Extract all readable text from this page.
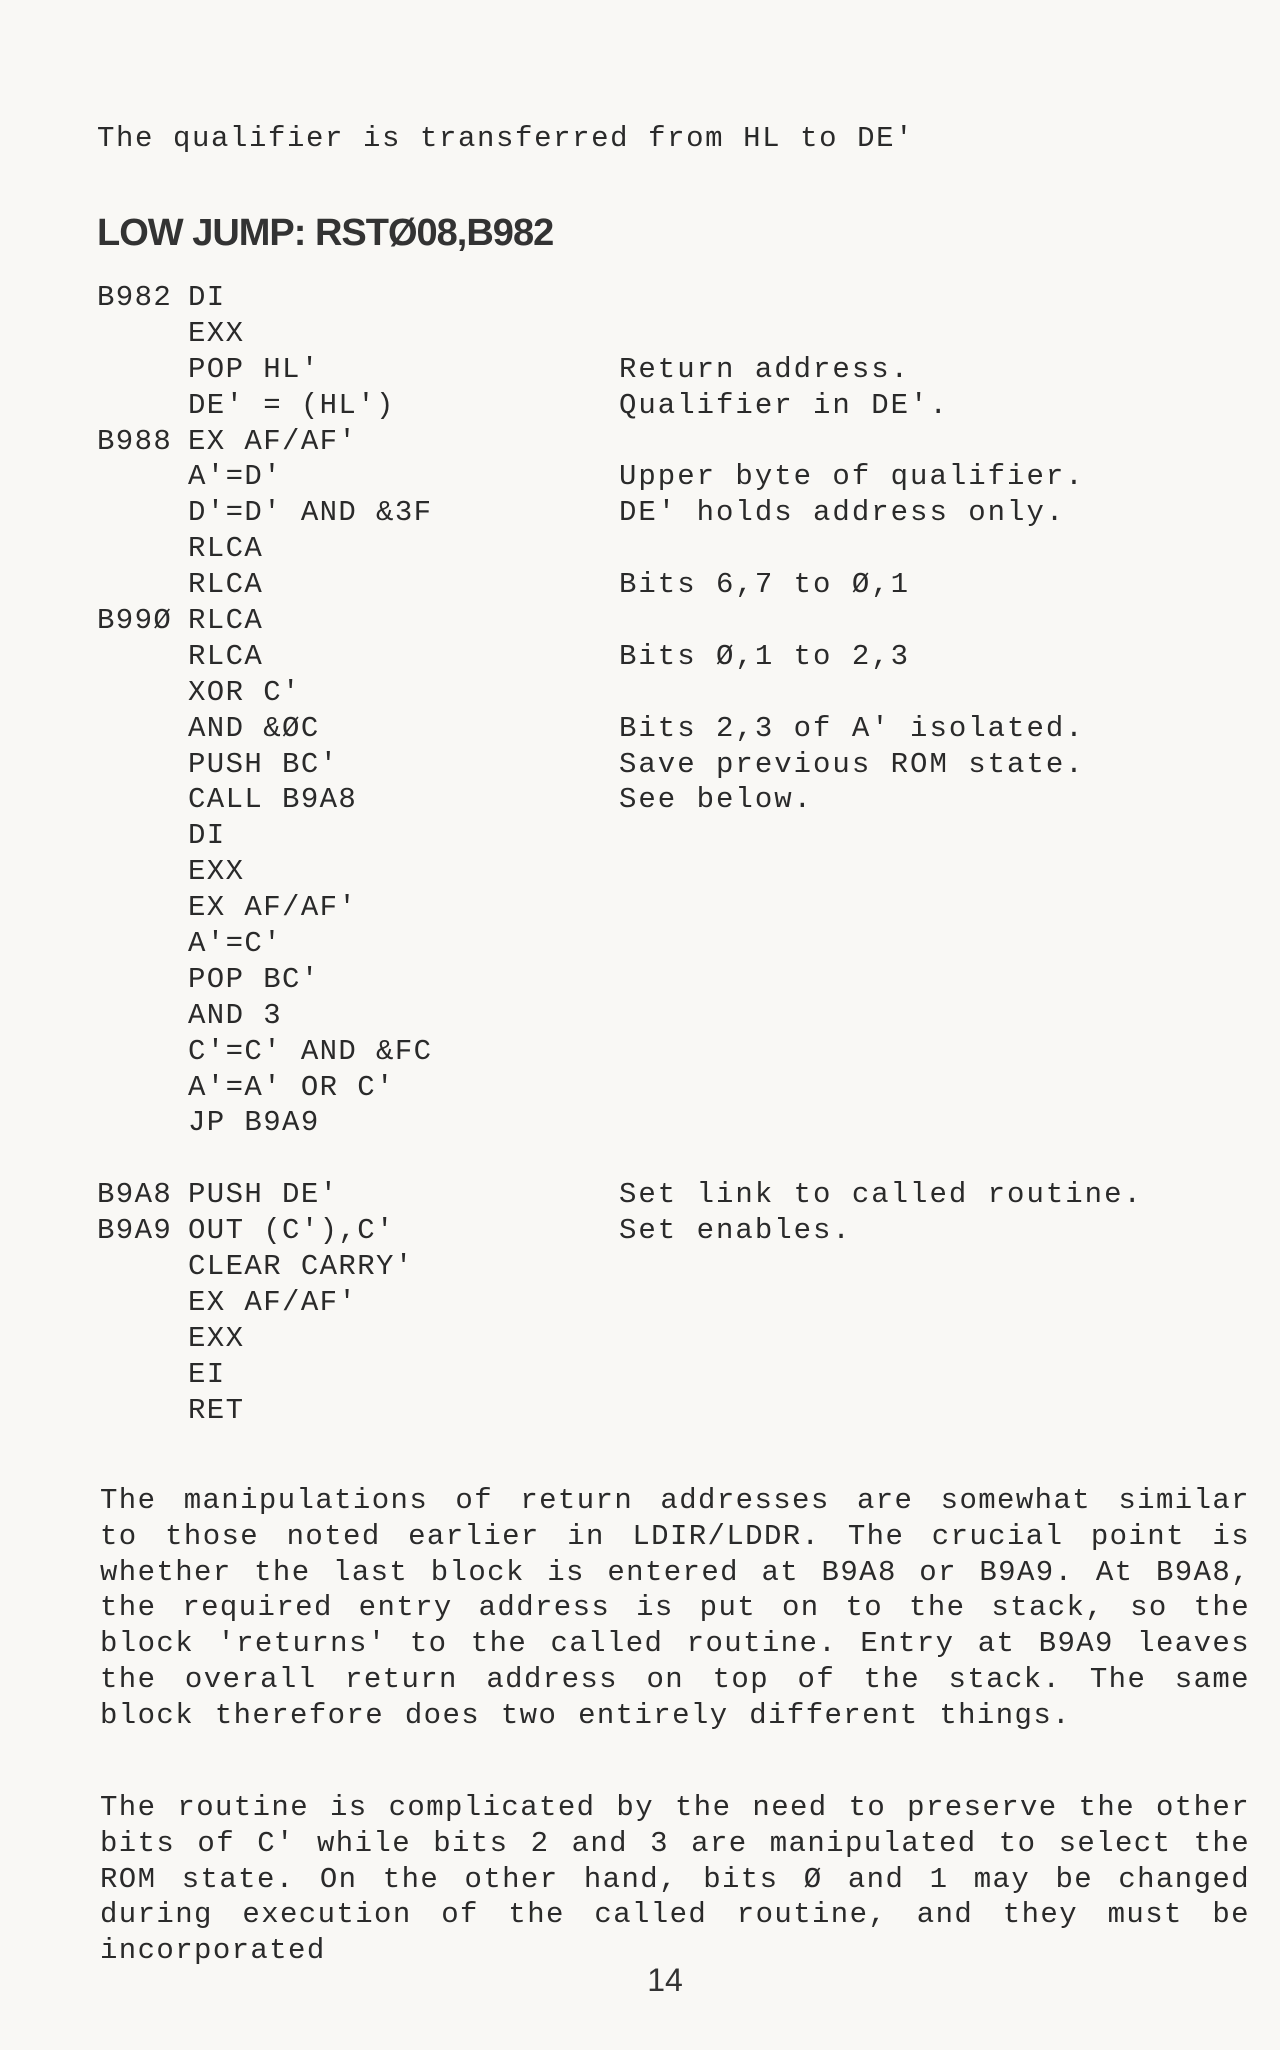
The qualifier is transferred from HL to DE'
LOW JUMP: RSTØ08,B982
B982 DI
EXX
POP HL'	Return address.
DE' = (HL')	Qualifier in DE'.
B988 EX AF/AF'
A'=D'	Upper byte of qualifier.
D'=D' AND &3F	DE' holds address only.
RLCA
RLCA	Bits 6,7 to Ø,1
B99Ø RLCA
RLCA	Bits Ø,1 to 2,3
XOR C'
AND &ØC	Bits 2,3 of A' isolated.
PUSH BC'	Save previous ROM state.
CALL B9A8	See below.
DI
EXX
EX AF/AF'
A'=C'
POP BC'
AND 3
C'=C' AND &FC
A'=A' OR C'
JP B9A9
B9A8 PUSH DE'	Set link to called routine.
B9A9 OUT (C'),C'	Set enables.
CLEAR CARRY'
EX AF/AF'
EXX
EI
RET

The manipulations of return addresses are somewhat similar to those noted earlier in LDIR/LDDR. The crucial point is whether the last block is entered at B9A8 or B9A9. At B9A8, the required entry address is put on to the stack, so the block 'returns' to the called routine. Entry at B9A9 leaves the overall return address on top of the stack. The same block therefore does two entirely different things.

The routine is complicated by the need to preserve the other bits of C' while bits 2 and 3 are manipulated to select the ROM state. On the other hand, bits Ø and 1 may be changed during execution of the called routine, and they must be incorporated

14
